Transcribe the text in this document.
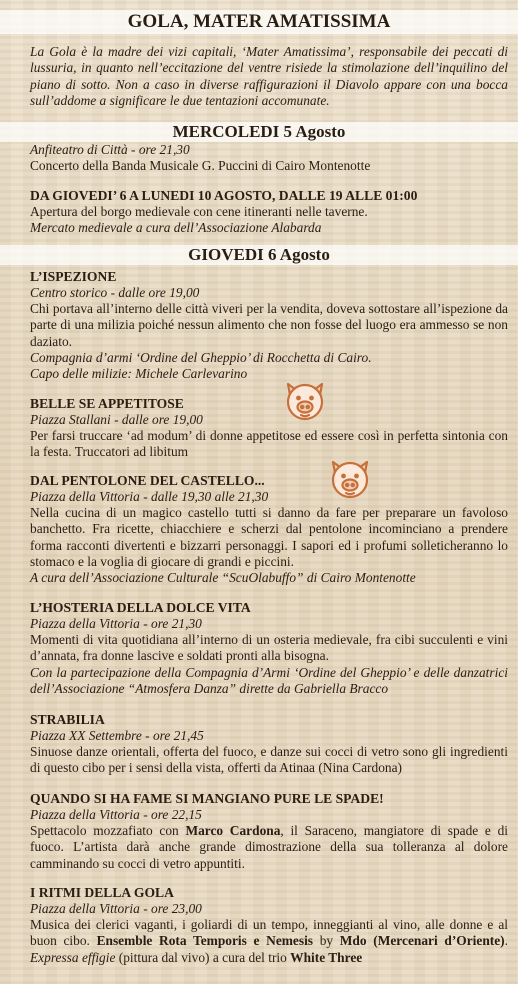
GOLA, MATER AMATISSIMA
La Gola è la madre dei vizi capitali, ‘Mater Amatissima’, responsabile dei peccati di lussuria, in quanto nell’eccitazione del ventre risiede la stimolazione dell’inquilino del piano di sotto. Non a caso in diverse raffigurazioni il Diavolo appare con una bocca sull’addome a significare le due tentazioni accomunate.
MERCOLEDI 5 Agosto
Anfiteatro di Città - ore 21,30
Concerto della Banda Musicale G. Puccini di Cairo Montenotte
DA GIOVEDI’ 6 A LUNEDI 10 AGOSTO, DALLE 19 ALLE 01:00
Apertura del borgo medievale con cene itineranti nelle taverne.
Mercato medievale a cura dell’Associazione Alabarda
GIOVEDI 6 Agosto
L’ISPEZIONE
Centro storico - dalle ore 19,00
Chi portava all’interno delle città viveri per la vendita, doveva sottostare all’ispezione da parte di una milizia poiché nessun alimento che non fosse del luogo era ammesso se non daziato.
Compagnia d’armi ‘Ordine del Gheppio’ di Rocchetta di Cairo.
Capo delle milizie: Michele Carlevarino
BELLE SE APPETITOSE
Piazza Stallani - dalle ore 19,00
Per farsi truccare ‘ad modum’ di donne appetitose ed essere così in perfetta sintonia con la festa. Truccatori ad libitum
DAL PENTOLONE DEL CASTELLO...
Piazza della Vittoria - dalle 19,30 alle 21,30
Nella cucina di un magico castello tutti si danno da fare per preparare un favoloso banchetto. Fra ricette, chiacchiere e scherzi dal pentolone incominciano a prendere forma racconti divertenti e bizzarri personaggi. I sapori ed i profumi solleticheranno lo stomaco e la voglia di giocare di grandi e piccini.
A cura dell’Associazione Culturale “ScuOlabuffo” di Cairo Montenotte
L’HOSTERIA DELLA DOLCE VITA
Piazza della Vittoria - ore 21,30
Momenti di vita quotidiana all’interno di un osteria medievale, fra cibi succulenti e vini d’annata, fra donne lascive e soldati pronti alla bisogna.
Con la partecipazione della Compagnia d’Armi ‘Ordine del Gheppio’ e delle danzatrici dell’Associazione “Atmosfera Danza” dirette da Gabriella Bracco
STRABILIA
Piazza XX Settembre - ore 21,45
Sinuose danze orientali, offerta del fuoco, e danze sui cocci di vetro sono gli ingredienti di questo cibo per i sensi della vista, offerti da Atinaa (Nina Cardona)
QUANDO SI HA FAME SI MANGIANO PURE LE SPADE!
Piazza della Vittoria - ore 22,15
Spettacolo mozzafiato con Marco Cardona, il Saraceno, mangiatore di spade e di fuoco. L’artista darà anche grande dimostrazione della sua tolleranza al dolore camminando su cocci di vetro appuntiti.
I RITMI DELLA GOLA
Piazza della Vittoria - ore 23,00
Musica dei clerici vaganti, i goliardi di un tempo, inneggianti al vino, alle donne e al buon cibo. Ensemble Rota Temporis e Nemesis by Mdo (Mercenari d’Oriente). Expressa effigie (pittura dal vivo) a cura del trio White Three
